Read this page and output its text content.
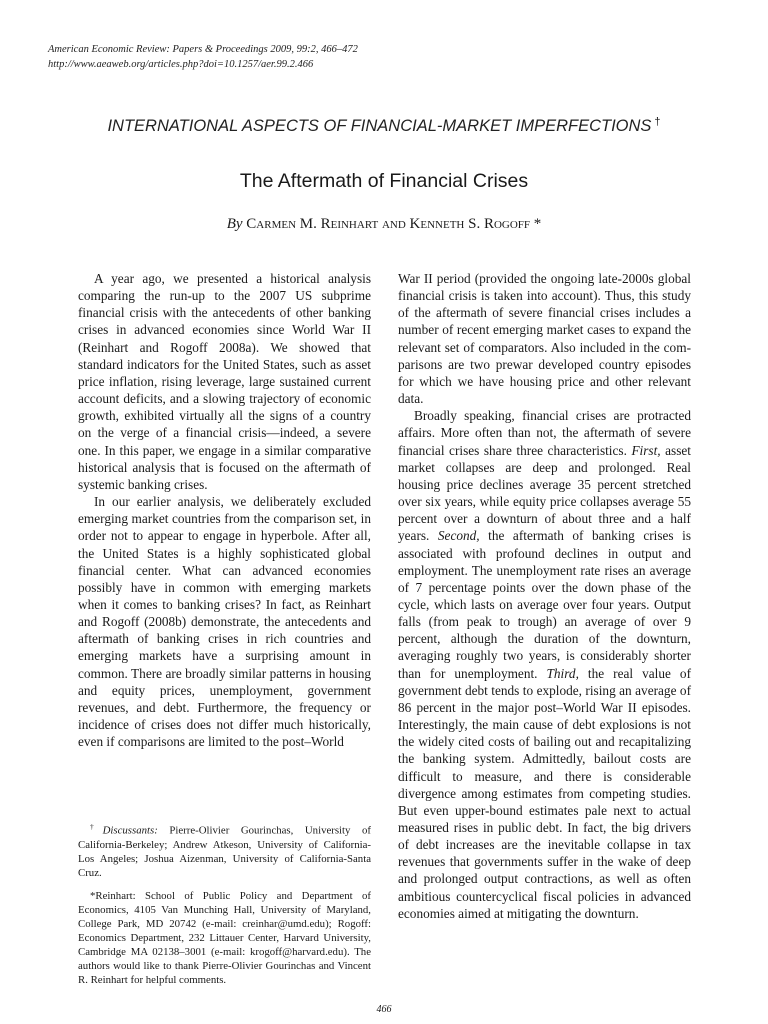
American Economic Review: Papers & Proceedings 2009, 99:2, 466–472
http://www.aeaweb.org/articles.php?doi=10.1257/aer.99.2.466
INTERNATIONAL ASPECTS OF FINANCIAL-MARKET IMPERFECTIONS †
The Aftermath of Financial Crises
By Carmen M. Reinhart and Kenneth S. Rogoff *

A year ago, we presented a historical analysis comparing the run-up to the 2007 US subprime financial crisis with the antecedents of other banking crises in advanced economies since World War II (Reinhart and Rogoff 2008a). We showed that standard indicators for the United States, such as asset price inflation, rising leverage, large sustained current account deficits, and a slowing trajectory of economic growth, exhibited virtually all the signs of a country on the verge of a financial crisis—indeed, a severe one. In this paper, we engage in a similar comparative historical analysis that is focused on the aftermath of systemic banking crises.

In our earlier analysis, we deliberately excluded emerging market countries from the comparison set, in order not to appear to engage in hyperbole. After all, the United States is a highly sophisticated global financial center. What can advanced economies possibly have in common with emerging markets when it comes to banking crises? In fact, as Reinhart and Rogoff (2008b) demonstrate, the antecedents and aftermath of banking crises in rich countries and emerging markets have a surprising amount in common. There are broadly similar patterns in housing and equity prices, unemployment, government revenues, and debt. Furthermore, the frequency or incidence of crises does not differ much historically, even if comparisons are limited to the post–World

War II period (provided the ongoing late-2000s global financial crisis is taken into account). Thus, this study of the aftermath of severe financial crises includes a number of recent emerging market cases to expand the relevant set of comparators. Also included in the comparisons are two prewar developed country episodes for which we have housing price and other relevant data.

Broadly speaking, financial crises are protracted affairs. More often than not, the aftermath of severe financial crises share three characteristics. First, asset market collapses are deep and prolonged. Real housing price declines average 35 percent stretched over six years, while equity price collapses average 55 percent over a downturn of about three and a half years. Second, the aftermath of banking crises is associated with profound declines in output and employment. The unemployment rate rises an average of 7 percentage points over the down phase of the cycle, which lasts on average over four years. Output falls (from peak to trough) an average of over 9 percent, although the duration of the downturn, averaging roughly two years, is considerably shorter than for unemployment. Third, the real value of government debt tends to explode, rising an average of 86 percent in the major post–World War II episodes. Interestingly, the main cause of debt explosions is not the widely cited costs of bailing out and recapitalizing the banking system. Admittedly, bailout costs are difficult to measure, and there is considerable divergence among estimates from competing studies. But even upper-bound estimates pale next to actual measured rises in public debt. In fact, the big drivers of debt increases are the inevitable collapse in tax revenues that governments suffer in the wake of deep and prolonged output contractions, as well as often ambitious countercyclical fiscal policies in advanced economies aimed at mitigating the downturn.

†Discussants: Pierre-Olivier Gourinchas, University of California-Berkeley; Andrew Atkeson, University of California-Los Angeles; Joshua Aizenman, University of California-Santa Cruz.

*Reinhart: School of Public Policy and Department of Economics, 4105 Van Munching Hall, University of Maryland, College Park, MD 20742 (e-mail: creinhar@umd.edu); Rogoff: Economics Department, 232 Littauer Center, Harvard University, Cambridge MA 02138–3001 (e-mail: krogoff@harvard.edu). The authors would like to thank Pierre-Olivier Gourinchas and Vincent R. Reinhart for helpful comments.

466
